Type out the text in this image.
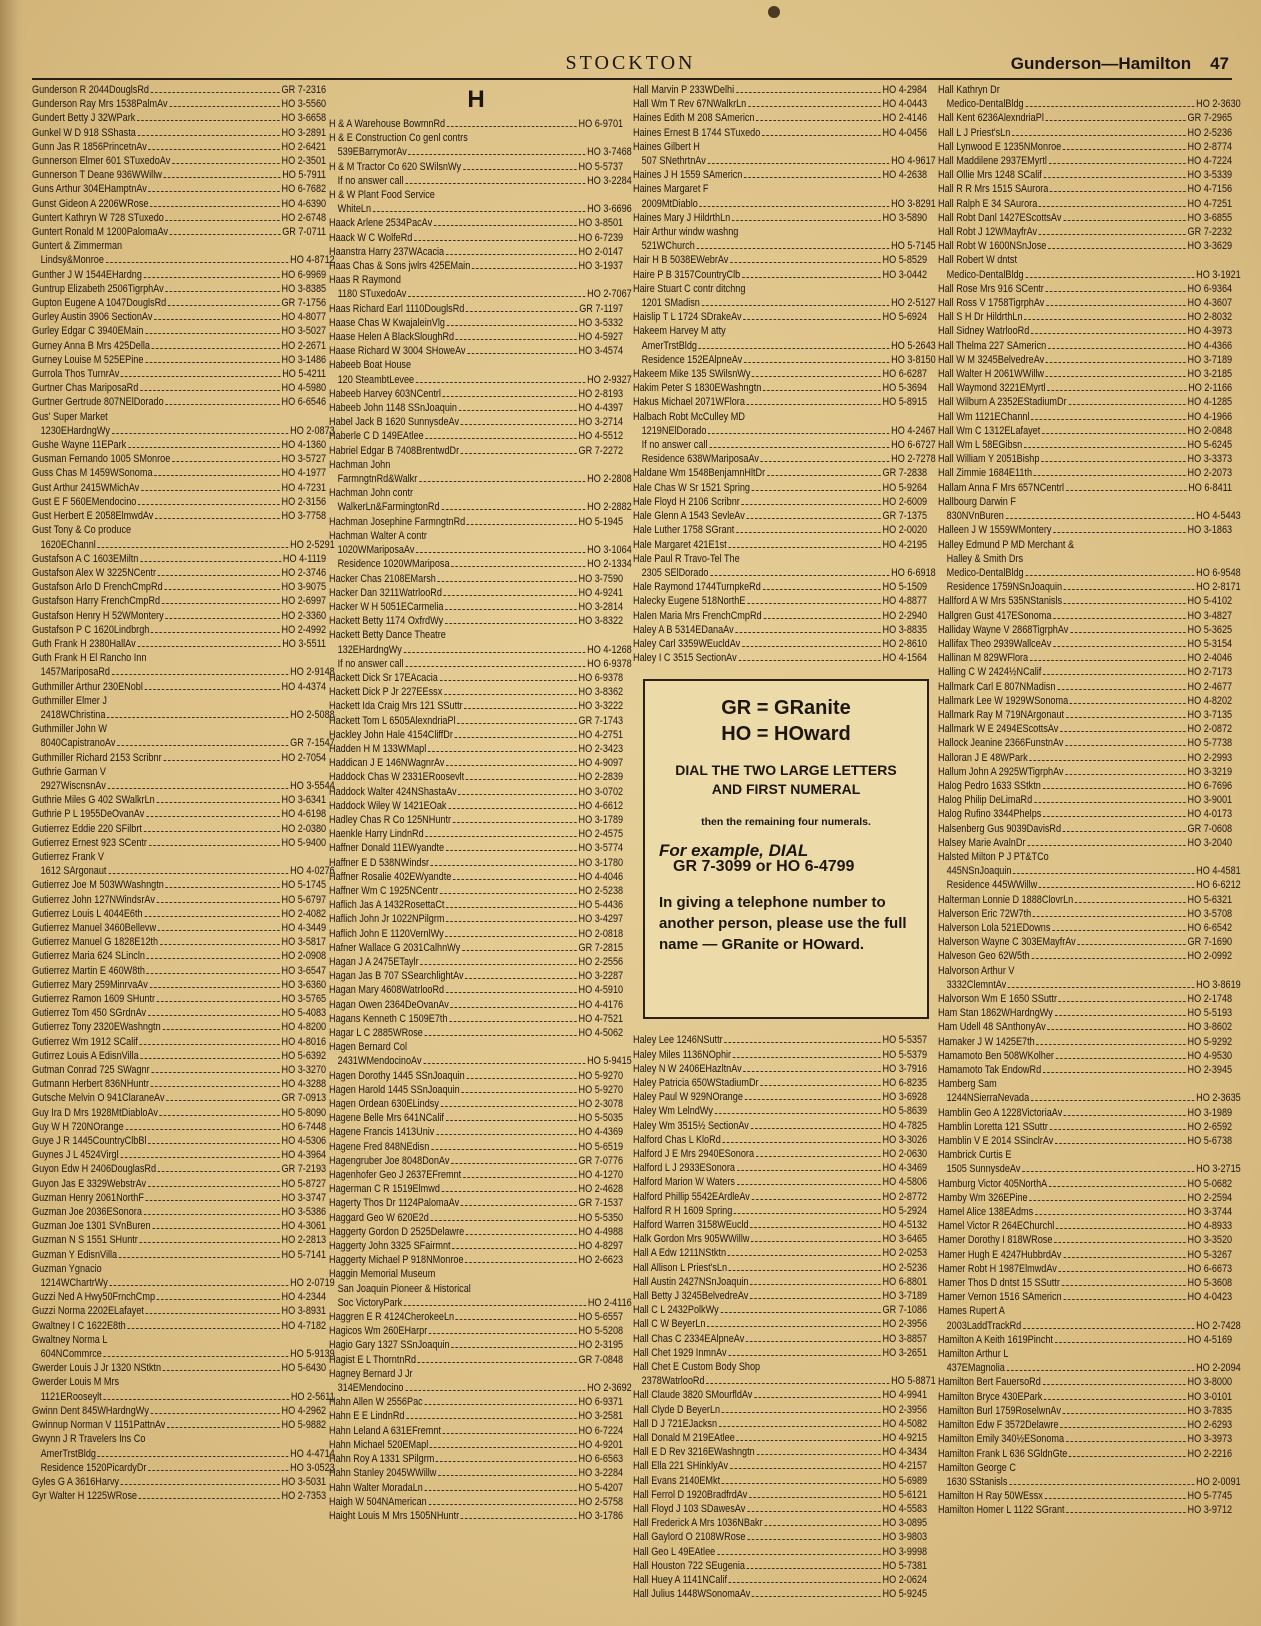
STOCKTON	Gunderson—Hamilton 47
Gunderson R 2044DouglsRd	GR 7-2316
Gunderson Ray Mrs 1538PalmAv	HO 3-5560
Gundert Betty J 32WPark	HO 3-6658
Gunkel W D 918 SShasta	HO 3-2891
Gunn Jas R 1856PrincetnAv	HO 2-6421
Gunnerson Elmer 601 STuxedoAv	HO 2-3501
Gunnerson T Deane 936WWillw	HO 5-7911
Guns Arthur 304EHamptnAv	HO 6-7682
Gunst Gideon A 2206WRose	HO 4-6390
Guntert Kathryn W 728 STuxedo	HO 2-6748
Guntert Ronald M 1200PalomaAv	GR 7-0711
Guntert & Zimmerman
Lindsy&Monroe	HO 4-8712
Gunther J W 1544EHardng	HO 6-9969
Guntrup Elizabeth 2506TigrphAv	HO 3-8385
Gupton Eugene A 1047DouglsRd	GR 7-1756
Gurley Austin 3906 SectionAv	HO 4-8077
Gurley Edgar C 3940EMain	HO 3-5027
Gurney Anna B Mrs 425Della	HO 2-2671
Gurney Louise M 525EPine	HO 3-1486
Gurrola Thos TurnrAv	HO 5-4211
Gurtner Chas MariposaRd	HO 4-5980
Gurtner Gertrude 807NElDorado	HO 6-6546
Gus' Super Market
1230EHardngWy	HO 2-0873
Gushe Wayne 11EPark	HO 4-1360
Gusman Fernando 1005 SMonroe	HO 3-5727
Guss Chas M 1459WSonoma	HO 4-1977
Gust Arthur 2415WMichAv	HO 4-7231
Gust E F 560EMendocino	HO 2-3156
Gust Herbert E 2058ElmwdAv	HO 3-7758
Gust Tony & Co produce
1620EChannl	HO 2-5291
Gustafson A C 1603EMiltn	HO 4-1119
Gustafson Alex W 3225NCentr	HO 2-3746
Gustafson Arlo D FrenchCmpRd	HO 3-9075
Gustafson Harry FrenchCmpRd	HO 2-6997
Gustafson Henry H 52WMontery	HO 2-3360
Gustafson P C 1620Lindbrgh	HO 2-4992
Guth Frank H 2380HallAv	HO 3-5511
Guth Frank H El Rancho Inn
1457MariposaRd	HO 2-9148
Guthmiller Arthur 230ENobl	HO 4-4374
Guthmiller Elmer J
2418WChristina	HO 2-5088
Guthmiller John W
8040CapistranoAv	GR 7-1547
Guthmiller Richard 2153 Scribnr	HO 2-7054
Guthrie Garman V
2927WiscnsnAv	HO 3-5544
Guthrie Miles G 402 SWalkrLn	HO 3-6341
Guthrie P L 1955DeOvanAv	HO 4-6198
Gutierrez Eddie 220 SFilbrt	HO 2-0380
Gutierrez Ernest 923 SCentr	HO 5-9400
Gutierrez Frank V
1612 SArgonaut	HO 4-0276
Gutierrez Joe M 503WWashngtn	HO 5-1745
Gutierrez John 127NWindsrAv	HO 5-6797
Gutierrez Louis L 4044E6th	HO 2-4082
Gutierrez Manuel 3460Bellevw	HO 4-3449
Gutierrez Manuel G 1828E12th	HO 3-5817
Gutierrez Maria 624 SLincln	HO 2-0908
Gutierrez Martin E 460W8th	HO 3-6547
Gutierrez Mary 259MinrvaAv	HO 3-6360
Gutierrez Ramon 1609 SHuntr	HO 3-5765
Gutierrez Tom 450 SGrdnAv	HO 5-4083
Gutierrez Tony 2320EWashngtn	HO 4-8200
Gutierrez Wm 1912 SCalif	HO 4-8016
Gutirrez Louis A EdisnVilla	HO 5-6392
Gutman Conrad 725 SWagnr	HO 3-3270
Gutmann Herbert 836NHuntr	HO 4-3288
Gutsche Melvin O 941ClaraneAv	GR 7-0913
Guy Ira D Mrs 1928MtDiabloAv	HO 5-8090
Guy W H 720NOrange	HO 6-7448
Guye J R 1445CountryClbBl	HO 4-5306
Guynes J L 4524Virgl	HO 4-3964
Guyon Edw H 2406DouglasRd	GR 7-2193
Guyon Jas E 3329WebstrAv	HO 5-8727
Guzman Henry 2061NorthF	HO 3-3747
Guzman Joe 2036ESonora	HO 3-5386
Guzman Joe 1301 SVnBuren	HO 4-3061
Guzman N S 1551 SHuntr	HO 2-2813
Guzman Y EdisnVilla	HO 5-7141
Guzman Ygnacio
1214WChartrWy	HO 2-0719
Guzzi Ned A Hwy50FrnchCmp	HO 4-2344
Guzzi Norma 2202ELafayet	HO 3-8931
Gwaltney I C 1622E8th	HO 4-7182
Gwaltney Norma L
604NCommrce	HO 5-9139
Gwerder Louis J Jr 1320 NStktn	HO 5-6430
Gwerder Louis M Mrs
1121ERooseylt	HO 2-5611
Gwinn Dent 845WHardngWy	HO 4-2962
Gwinnup Norman V 1151PattnAv	HO 5-9882
Gwynn J R Travelers Ins Co
AmerTrstBldg	HO 4-4714
Residence 1520PicardyDr	HO 3-0523
Gyles G A 3616Harvy	HO 3-5031
Gyr Walter H 1225WRose	HO 2-7353
H
H & A Warehouse BowmnRd	HO 6-9701
H & E Construction Co genl contrs
539EBarrymorAv	HO 3-7468
H & M Tractor Co 620 SWilsnWy	HO 5-5737
If no answer call	HO 3-2284
H & W Plant Food Service
WhiteLn	HO 3-6696
Haack Arlene 2534PacAv	HO 3-8501
Haack W C WolfeRd	HO 6-7239
Haanstra Harry 237WAcacia	HO 2-0147
Haas Chas & Sons jwlrs 425EMain	HO 3-1937
Haas R Raymond
1180 STuxedoAv	HO 2-7067
Haas Richard Earl 1110DouglsRd	GR 7-1197
Haase Chas W KwajaleinVlg	HO 3-5332
Haase Helen A BlackSloughRd	HO 4-5927
Haase Richard W 3004 SHoweAv	HO 3-4574
Habeeb Boat House
120 SteambtLevee	HO 2-9327
Habeeb Harvey 603NCentrl	HO 2-8193
Habeeb John 1148 SSnJoaquin	HO 4-4397
Habel Jack B 1620 SunnysdeAv	HO 3-2714
Haberle C D 149EAtlee	HO 4-5512
Habriel Edgar B 7408BrentwdDr	GR 7-2272
Hachman John
FarmngtnRd&Walkr	HO 2-2808
Hachman John contr
WalkerLn&FarmingtonRd	HO 2-2882
Hachman Josephine FarmngtnRd	HO 5-1945
Hachman Walter A contr
1020WMariposaAv	HO 3-1064
Residence 1020WMariposa	HO 2-1334
Hacker Chas 2108EMarsh	HO 3-7590
Hacker Dan 3211WatrlooRd	HO 4-9241
Hacker W H 5051ECarmelia	HO 3-2814
Hackett Betty 1174 OxfrdWy	HO 3-8322
Hackett Betty Dance Theatre
132EHardngWy	HO 4-1268
If no answer call	HO 6-9378
Hackett Dick Sr 17EAcacia	HO 6-9378
Hackett Dick P Jr 227EEssx	HO 3-8362
Hackett Ida Craig Mrs 121 SSuttr	HO 3-3222
Hackett Tom L 6505AlexndriaPl	GR 7-1743
Hackley John Hale 4154CliffDr	HO 4-2751
Hadden H M 133WMapl	HO 2-3423
Haddican J E 146NWagnrAv	HO 4-9097
Haddock Chas W 2331ERoosevlt	HO 2-2839
Haddock Walter 424NShastaAv	HO 3-0702
Haddock Wiley W 1421EOak	HO 4-6612
Hadley Chas R Co 125NHuntr	HO 3-1789
Haenkle Harry LindnRd	HO 2-4575
Haffner Donald 11EWyandte	HO 3-5774
Haffner E D 538NWindsr	HO 3-1780
Haffner Rosalie 402EWyandte	HO 4-4046
Haffner Wm C 1925NCentr	HO 2-5238
Haflich Jas A 1432RosettaCt	HO 5-4436
Haflich John Jr 1022NPilgrm	HO 3-4297
Haflich John E 1120VernlWy	HO 2-0818
Hafner Wallace G 2031CalhnWy	GR 7-2815
Hagan J A 2475ETaylr	HO 2-2556
Hagan Jas B 707 SSearchlightAv	HO 3-2287
Hagan Mary 4608WatrlooRd	HO 4-5910
Hagan Owen 2364DeOvanAv	HO 4-4176
Hagans Kenneth C 1509E7th	HO 4-7521
Hagar L C 2885WRose	HO 4-5062
Hagen Bernard Col
2431WMendocinoAv	HO 5-9415
Hagen Dorothy 1445 SSnJoaquin	HO 5-9270
Hagen Harold 1445 SSnJoaquin	HO 5-9270
Hagen Ordean 630ELindsy	HO 2-3078
Hagene Belle Mrs 641NCalif	HO 5-5035
Hagene Francis 1413Univ	HO 4-4369
Hagene Fred 848NEdisn	HO 5-6519
Hagengruber Joe 8048DonAv	GR 7-0776
Hagenhofer Geo J 2637EFremnt	HO 4-1270
Hagerman C R 1519Elmwd	HO 2-4628
Hagerty Thos Dr 1124PalomaAv	GR 7-1537
Haggard Geo W 620E2d	HO 5-5350
Haggerty Gordon D 2525Delawre	HO 4-4988
Haggerty John 3325 SFairmnt	HO 4-8297
Haggerty Michael P 918NMonroe	HO 2-6623
Haggin Memorial Museum
San Joaquin Pioneer & Historical
Soc VictoryPark	HO 2-4116
Haggren E R 4124CherokeeLn	HO 5-6557
Hagicos Wm 260EHarpr	HO 5-5208
Hagio Gary 1327 SSnJoaquin	HO 2-3195
Hagist E L ThorntnRd	GR 7-0848
Hagney Bernard J Jr
314EMendocino	HO 2-3692
Hahn Allen W 2556Pac	HO 6-9371
Hahn E E LindnRd	HO 3-2581
Hahn Leland A 631EFremnt	HO 6-7224
Hahn Michael 520EMapl	HO 4-9201
Hahn Roy A 1331 SPilgrm	HO 6-6563
Hahn Stanley 2045WWillw	HO 3-2284
Hahn Walter MoradaLn	HO 5-4207
Haigh W 504NAmerican	HO 2-5758
Haight Louis M Mrs 1505NHuntr	HO 3-1786
Hall Marvin P 233WDelhi	HO 4-2984
Hall Wm T Rev 67NWalkrLn	HO 4-0443
Haines Edith M 208 SAmericn	HO 2-4146
Haines Ernest B 1744 STuxedo	HO 4-0456
Haines Gilbert H
507 SNethrtnAv	HO 4-9617
Haines J H 1559 SAmericn	HO 4-2638
Haines Margaret F
2009MtDiablo	HO 3-8291
Haines Mary J HildrthLn	HO 3-5890
Hair Arthur windw washng
521WChurch	HO 5-7145
Hair H B 5038EWebrAv	HO 5-8529
Haire P B 3157CountryClb	HO 3-0442
Haire Stuart C contr ditchng
1201 SMadisn	HO 2-5127
Haislip T L 1724 SDrakeAv	HO 5-6924
Hakeem Harvey M atty
AmerTrstBldg	HO 5-2643
Residence 152EAlpneAv	HO 3-8150
Hakeem Mike 135 SWilsnWy	HO 6-6287
Hakim Peter S 1830EWashngtn	HO 5-3694
Hakus Michael 2071WFlora	HO 5-8915
Halbach Robt McCulley MD
1219NElDorado	HO 4-2467
If no answer call	HO 6-6727
Residence 638WMariposaAv	HO 2-7278
Haldane Wm 1548BenjamnHltDr	GR 7-2838
Hale Chas W Sr 1521 Spring	HO 5-9264
Hale Floyd H 2106 Scribnr	HO 2-6009
Hale Glenn A 1543 SevleAv	GR 7-1375
Hale Luther 1758 SGrant	HO 2-0020
Hale Margaret 421E1st	HO 4-2195
Hale Paul R Travo-Tel The
2305 SElDorado	HO 6-6918
Hale Raymond 1744TurnpkeRd	HO 5-1509
Halecky Eugene 518NorthE	HO 4-8877
Halen Maria Mrs FrenchCmpRd	HO 2-2940
Haley A B 5314EDanaAv	HO 3-8835
Haley Carl 3359WEucldAv	HO 2-8610
Haley I C 3515 SectionAv	HO 4-1564
GR = GRanite
HO = HOward
DIAL THE TWO LARGE LETTERS
AND FIRST NUMERAL
then the remaining four numerals.
For example, DIAL
GR 7-3099 or HO 6-4799
In giving a telephone number to another person, please use the full name — GRanite or HOward.
Haley Lee 1246NSuttr	HO 5-5357
Haley Miles 1136NOphir	HO 5-5379
Haley N W 2406EHazltnAv	HO 3-7916
Haley Patricia 650WStadiumDr	HO 6-8235
Haley Paul W 929NOrange	HO 3-6928
Haley Wm LelndWy	HO 5-8639
Haley Wm 3515½ SectionAv	HO 4-7825
Halford Chas L KloRd	HO 3-3026
Halford J E Mrs 2940ESonora	HO 2-0630
Halford L J 2933ESonora	HO 4-3469
Halford Marion W Waters	HO 4-5806
Halford Phillip 5542EArdleAv	HO 2-8772
Halford R H 1609 Spring	HO 5-2924
Halford Warren 3158WEucld	HO 4-5132
Halk Gordon Mrs 905WWillw	HO 3-6465
Hall A Edw 1211NStktn	HO 2-0253
Hall Allison L Priest'sLn	HO 2-5236
Hall Austin 2427NSnJoaquin	HO 6-8801
Hall Betty J 3245BelvedreAv	HO 3-7189
Hall C L 2432PolkWy	GR 7-1086
Hall C W BeyerLn	HO 2-3956
Hall Chas C 2334EAlpneAv	HO 3-8857
Hall Chet 1929 InmnAv	HO 3-2651
Hall Chet E Custom Body Shop
2378WatrlooRd	HO 5-8871
Hall Claude 3820 SMourfldAv	HO 4-9941
Hall Clyde D BeyerLn	HO 2-3956
Hall D J 721EJacksn	HO 4-5082
Hall Donald M 219EAtlee	HO 4-9215
Hall E D Rev 3216EWashngtn	HO 4-3434
Hall Ella 221 SHinklyAv	HO 4-2157
Hall Evans 2140EMkt	HO 5-6989
Hall Ferrol D 1920BradfrdAv	HO 5-6121
Hall Floyd J 103 SDawesAv	HO 4-5583
Hall Frederick A Mrs 1036NBakr	HO 3-0895
Hall Gaylord O 2108WRose	HO 3-9803
Hall Geo L 49EAtlee	HO 3-9998
Hall Houston 722 SEugenia	HO 5-7381
Hall Huey A 1141NCalif	HO 2-0624
Hall Julius 1448WSonomaAv	HO 5-9245
Hall Kathryn Dr
Medico-DentalBldg	HO 2-3630
Hall Kent 6236AlexndriaPl	GR 7-2965
Hall L J Priest'sLn	HO 2-5236
Hall Lynwood E 1235NMonroe	HO 2-8774
Hall Maddilene 2937EMyrtl	HO 4-7224
Hall Ollie Mrs 1248 SCalif	HO 3-5339
Hall R R Mrs 1515 SAurora	HO 4-7156
Hall Ralph E 34 SAurora	HO 4-7251
Hall Robt Danl 1427EScottsAv	HO 3-6855
Hall Robt J 12WMayfrAv	GR 7-2232
Hall Robt W 1600NSnJose	HO 3-3629
Hall Robert W dntst
Medico-DentalBldg	HO 3-1921
Hall Rose Mrs 916 SCentr	HO 6-9364
Hall Ross V 1758TigrphAv	HO 4-3607
Hall S H Dr HildrthLn	HO 2-8032
Hall Sidney WatrlooRd	HO 4-3973
Hall Thelma 227 SAmericn	HO 4-4366
Hall W M 3245BelvedreAv	HO 3-7189
Hall Walter H 2061WWillw	HO 3-2185
Hall Waymond 3221EMyrtl	HO 2-1166
Hall Wilburn A 2352EStadiumDr	HO 4-1285
Hall Wm 1121EChannl	HO 4-1966
Hall Wm C 1312ELafayet	HO 2-0848
Hall Wm L 58EGibsn	HO 5-6245
Hall William Y 2051Bishp	HO 3-3373
Hall Zimmie 1684E11th	HO 2-2073
Hallam Anna F Mrs 657NCentrl	HO 6-8411
Hallbourg Darwin F
830NVnBuren	HO 4-5443
Halleen J W 1559WMontery	HO 3-1863
Halley Edmund P MD Merchant &
Halley & Smith Drs
Medico-DentalBldg	HO 6-9548
Residence 1759NSnJoaquin	HO 2-8171
Hallford A W Mrs 535NStanisls	HO 5-4102
Hallgren Gust 417ESonoma	HO 3-4827
Halliday Wayne V 2868TigrphAv	HO 5-3625
Hallifax Theo 2939WallceAv	HO 5-3154
Hallinan M 829WFlora	HO 2-4046
Halling C W 2424½NCalif	HO 2-7173
Hallmark Carl E 807NMadisn	HO 2-4677
Hallmark Lee W 1929WSonoma	HO 4-8202
Hallmark Ray M 719NArgonaut	HO 3-7135
Hallmark W E 2494EScottsAv	HO 2-0872
Hallock Jeanine 2366FunstnAv	HO 5-7738
Halloran J E 48WPark	HO 2-2993
Hallum John A 2925WTigrphAv	HO 3-3219
Halog Pedro 1633 SStktn	HO 6-7696
Halog Philip DeLimaRd	HO 3-9001
Halog Rufino 3344Phelps	HO 4-0173
Halsenberg Gus 9039DavisRd	GR 7-0608
Halsey Marie AvalnDr	HO 3-2040
Halsted Milton P J PT&TCo
445NSnJoaquin	HO 4-4581
Residence 445WWillw	HO 6-6212
Halterman Lonnie D 1888ClovrLn	HO 5-6321
Halverson Eric 72W7th	HO 3-5708
Halverson Lola 521EDowns	HO 6-6542
Halverson Wayne C 303EMayfrAv	GR 7-1690
Halveson Geo 62W5th	HO 2-0992
Halvorson Arthur V
3332ClemntAv	HO 3-8619
Halvorson Wm E 1650 SSuttr	HO 2-1748
Ham Stan 1862WHardngWy	HO 5-5193
Ham Udell 48 SAnthonyAv	HO 3-8602
Hamaker J W 1425E7th	HO 5-9292
Hamamoto Ben 508WKolher	HO 4-9530
Hamamoto Tak EndowRd	HO 2-3945
Hamberg Sam
1244NSierraNevada	HO 2-3635
Hamblin Geo A 1228VictoriaAv	HO 3-1989
Hamblin Loretta 121 SSuttr	HO 2-6592
Hamblin V E 2014 SSinclrAv	HO 5-6738
Hambrick Curtis E
1505 SunnysdeAv	HO 3-2715
Hamburg Victor 405NorthA	HO 5-0682
Hamby Wm 326EPine	HO 2-2594
Hamel Alice 138EAdms	HO 3-3744
Hamel Victor R 264EChurchl	HO 4-8933
Hamer Dorothy I 818WRose	HO 3-3520
Hamer Hugh E 4247HubbrdAv	HO 5-3267
Hamer Robt H 1987ElmwdAv	HO 6-6673
Hamer Thos D dntst 15 SSuttr	HO 5-3608
Hamer Vernon 1516 SAmericn	HO 4-0423
Hames Rupert A
2003LaddTrackRd	HO 2-7428
Hamilton A Keith 1619Pincht	HO 4-5169
Hamilton Arthur L
437EMagnolia	HO 2-2094
Hamilton Bert FauersoRd	HO 3-8000
Hamilton Bryce 430EPark	HO 3-0101
Hamilton Burl 1759RoselwnAv	HO 3-7835
Hamilton Edw F 3572Delawre	HO 2-6293
Hamilton Emily 340½ESonoma	HO 3-3973
Hamilton Frank L 636 SGldnGte	HO 2-2216
Hamilton George C
1630 SStanisls	HO 2-0091
Hamilton H Ray 50WEssx	HO 5-7745
Hamilton Homer L 1122 SGrant	HO 3-9712
